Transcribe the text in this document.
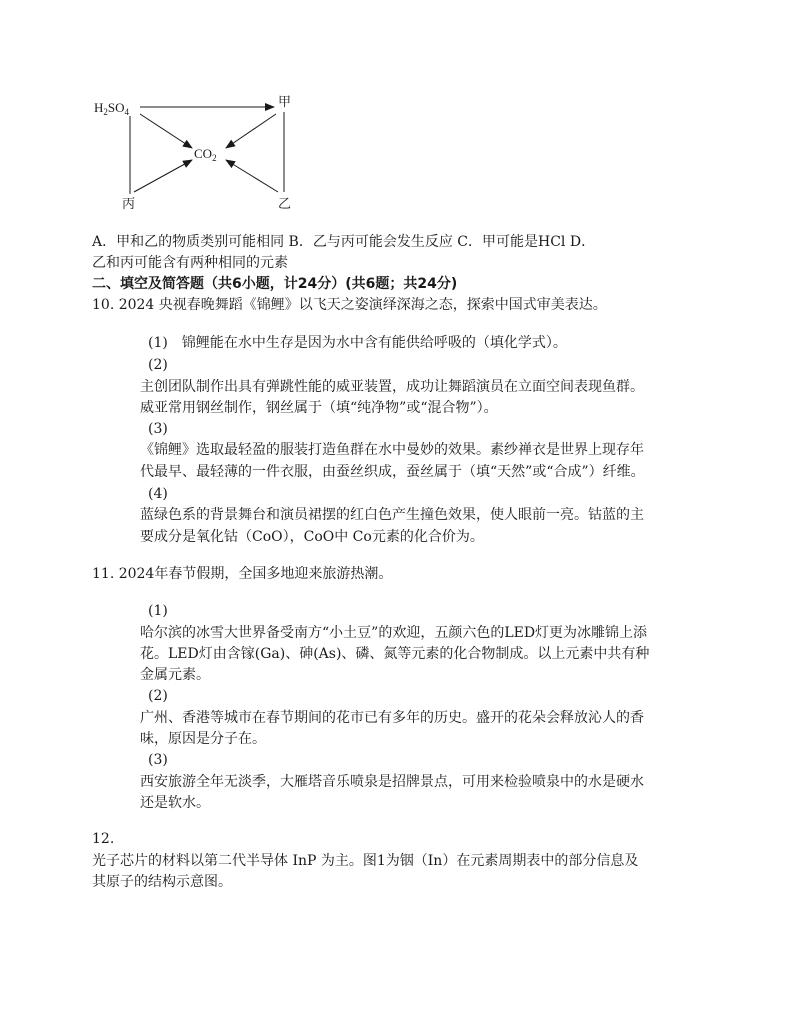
$H_2SO_4$
甲
$CO_2$
丙	乙
A．甲和乙的物质类别可能相同 B．乙与丙可能会发生反应 C．甲可能是HCl D．
乙和丙可能含有两种相同的元素
二、填空及简答题（共6小题，计24分）(共6题；共24分)
10. 2024 央视春晚舞蹈《锦鲤》以飞天之姿演绎深海之态，探索中国式审美表达。
(1)　锦鲤能在水中生存是因为水中含有能供给呼吸的（填化学式）。
(2)
主创团队制作出具有弹跳性能的威亚装置，成功让舞蹈演员在立面空间表现鱼群。
威亚常用钢丝制作，钢丝属于（填“纯净物”或“混合物”）。
(3)
《锦鲤》选取最轻盈的服装打造鱼群在水中曼妙的效果。素纱禅衣是世界上现存年
代最早、最轻薄的一件衣服，由蚕丝织成，蚕丝属于（填“天然”或“合成”）纤维。
(4)
蓝绿色系的背景舞台和演员裙摆的红白色产生撞色效果，使人眼前一亮。钴蓝的主
要成分是氧化钴（CoO），CoO中 Co元素的化合价为。
11. 2024年春节假期，全国多地迎来旅游热潮。
(1)
哈尔滨的冰雪大世界备受南方“小土豆”的欢迎，五颜六色的LED灯更为冰雕锦上添
花。LED灯由含镓(Ga)、砷(As)、磷、氮等元素的化合物制成。以上元素中共有种
金属元素。
(2)
广州、香港等城市在春节期间的花市已有多年的历史。盛开的花朵会释放沁人的香
味，原因是分子在。
(3)
西安旅游全年无淡季，大雁塔音乐喷泉是招牌景点，可用来检验喷泉中的水是硬水
还是软水。
12.
光子芯片的材料以第二代半导体 InP 为主。图1为铟（In）在元素周期表中的部分信息及
其原子的结构示意图。
